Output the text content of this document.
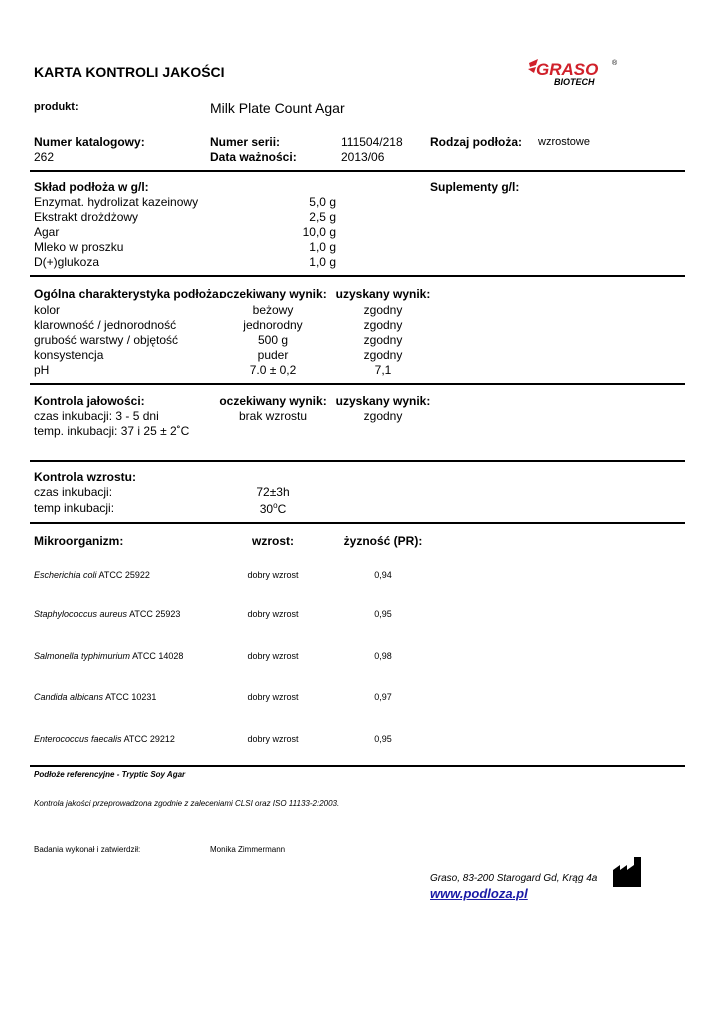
KARTA KONTROLI JAKOŚCI	GRASO
BIOTECH
®
produkt:	Milk Plate Count Agar
Numer katalogowy:
262
Numer serii:
Data ważności:
111504/218
2013/06
Rodzaj podłoża: wzrostowe
Skład podłoża w g/l:	Suplementy g/l:
Enzymat. hydrolizat kazeinowy	5,0 g
Ekstrakt drożdżowy	2,5 g
Agar	10,0 g
Mleko w proszku	1,0 g
D(+)glukoza	1,0 g
Ogólna charakterystyka podłoża:
oczekiwany wynik: uzyskany wynik:
kolor	beżowy	zgodny
klarowność / jednorodność	jednorodny	zgodny
grubość warstwy / objętość	500 g	zgodny
konsystencja	puder	zgodny
pH	7.0 ± 0,2	7,1
Kontrola jałowości:	oczekiwany wynik: uzyskany wynik:
czas inkubacji: 3 - 5 dni	brak wzrostu	zgodny
temp. inkubacji: 37 i 25 ± 2˚C
Kontrola wzrostu:
czas inkubacji:	72±3h
temp inkubacji:	30$^o$C
Mikroorganizm:	wzrost:	żyzność (PR):
Escherichia coli ATCC 25922	dobry wzrost	0,94
Staphylococcus aureus ATCC 25923	dobry wzrost	0,95
Salmonella typhimurium ATCC 14028	dobry wzrost	0,98
Candida albicans ATCC 10231	dobry wzrost	0,97
Enterococcus faecalis ATCC 29212	dobry wzrost	0,95
Podłoże referencyjne - Tryptic Soy Agar
Kontrola jakości przeprowadzona zgodnie z zaleceniami CLSI oraz ISO 11133-2:2003.
Badania wykonał i zatwierdził:	Monika Zimmermann
Graso, 83-200 Starogard Gd, Krąg 4a
www.podloza.pl
